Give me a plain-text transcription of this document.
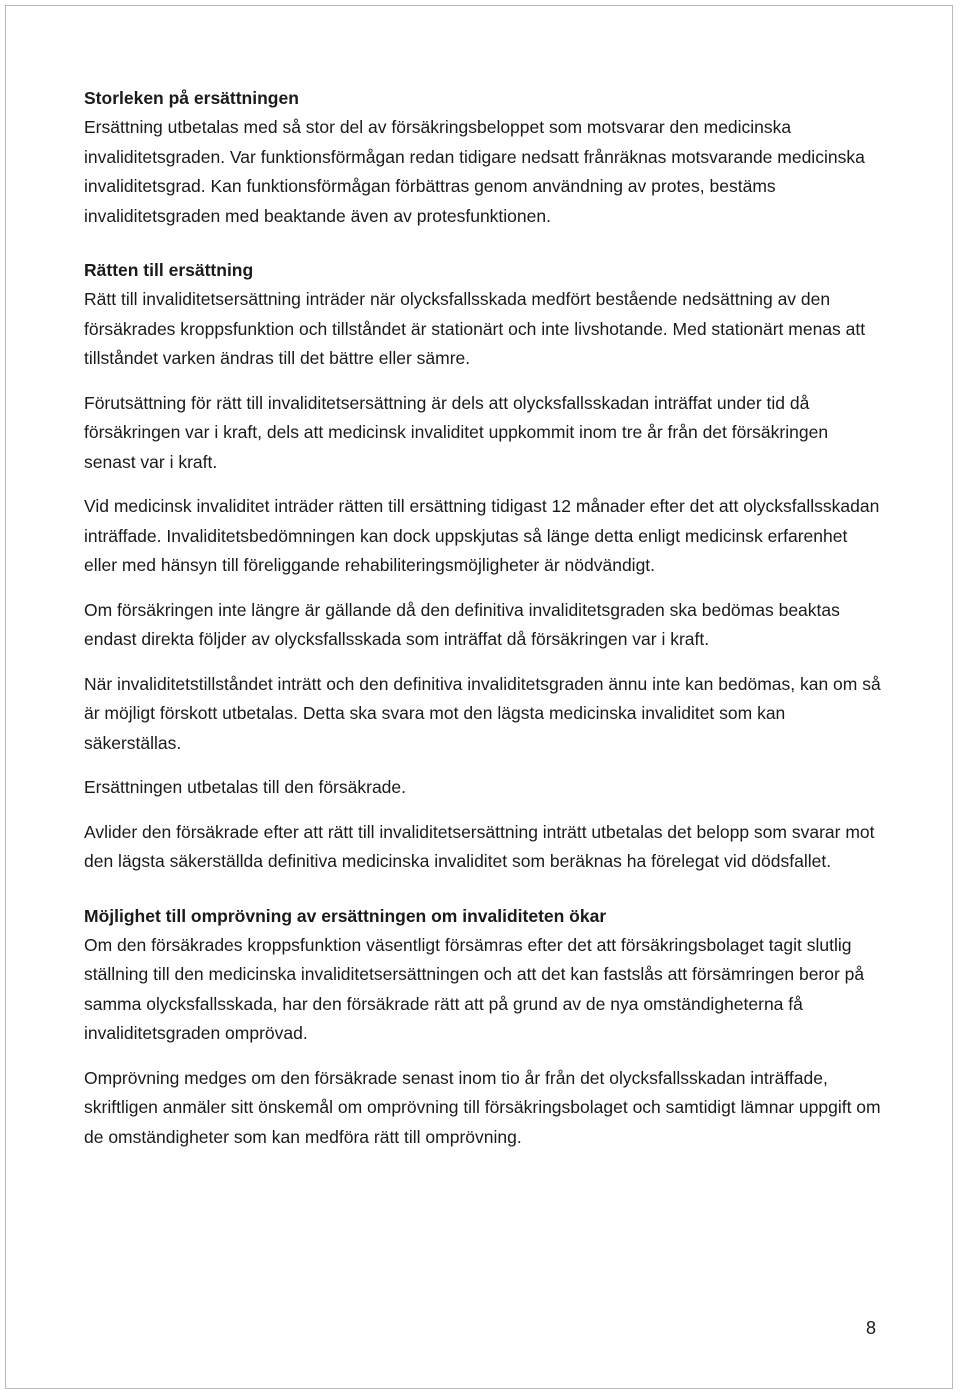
Storleken på ersättningen

Ersättning utbetalas med så stor del av försäkringsbeloppet som motsvarar den medicinska invaliditetsgraden. Var funktionsförmågan redan tidigare nedsatt frånräknas motsvarande medicinska invaliditetsgrad. Kan funktionsförmågan förbättras genom användning av protes, bestäms invaliditetsgraden med beaktande även av protesfunktionen.

Rätten till ersättning

Rätt till invaliditetsersättning inträder när olycksfallsskada medfört bestående nedsättning av den försäkrades kroppsfunktion och tillståndet är stationärt och inte livshotande. Med stationärt menas att tillståndet varken ändras till det bättre eller sämre.

Förutsättning för rätt till invaliditetsersättning är dels att olycksfallsskadan inträffat under tid då försäkringen var i kraft, dels att medicinsk invaliditet uppkommit inom tre år från det försäkringen senast var i kraft.

Vid medicinsk invaliditet inträder rätten till ersättning tidigast 12 månader efter det att olycksfallsskadan inträffade. Invaliditetsbedömningen kan dock uppskjutas så länge detta enligt medicinsk erfarenhet eller med hänsyn till föreliggande rehabiliteringsmöjligheter är nödvändigt.

Om försäkringen inte längre är gällande då den definitiva invaliditetsgraden ska bedömas beaktas endast direkta följder av olycksfallsskada som inträffat då försäkringen var i kraft.

När invaliditetstillståndet inträtt och den definitiva invaliditetsgraden ännu inte kan bedömas, kan om så är möjligt förskott utbetalas. Detta ska svara mot den lägsta medicinska invaliditet som kan säkerställas.

Ersättningen utbetalas till den försäkrade.

Avlider den försäkrade efter att rätt till invaliditetsersättning inträtt utbetalas det belopp som svarar mot den lägsta säkerställda definitiva medicinska invaliditet som beräknas ha förelegat vid dödsfallet.

Möjlighet till omprövning av ersättningen om invaliditeten ökar

Om den försäkrades kroppsfunktion väsentligt försämras efter det att försäkringsbolaget tagit slutlig ställning till den medicinska invaliditetsersättningen och att det kan fastslås att försämringen beror på samma olycksfallsskada, har den försäkrade rätt att på grund av de nya omständigheterna få invaliditetsgraden omprövad.

Omprövning medges om den försäkrade senast inom tio år från det olycksfallsskadan inträffade, skriftligen anmäler sitt önskemål om omprövning till försäkringsbolaget och samtidigt lämnar uppgift om de omständigheter som kan medföra rätt till omprövning.

8
